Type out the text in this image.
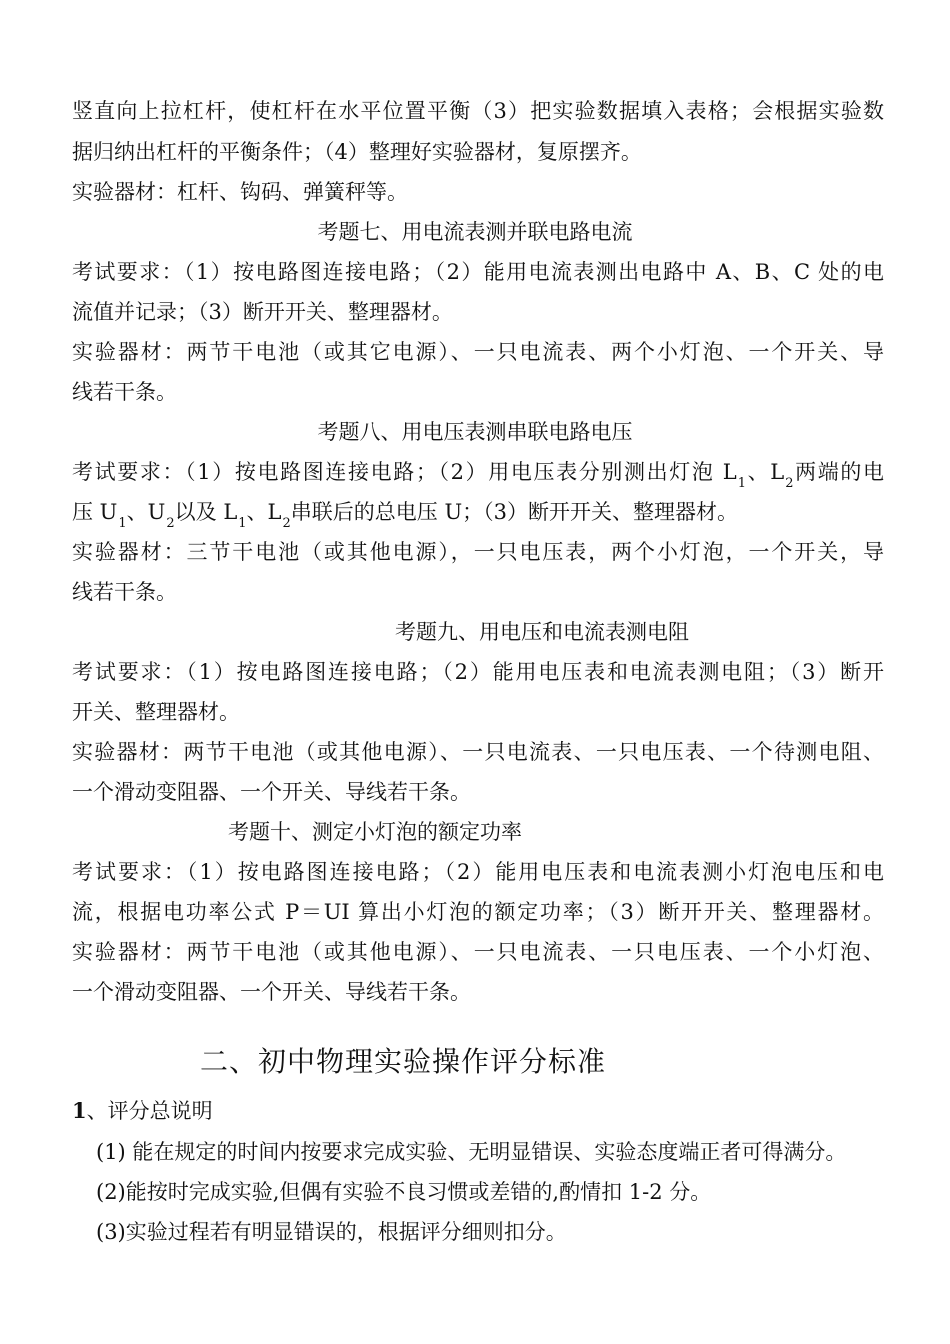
竖直向上拉杠杆，使杠杆在水平位置平衡（3）把实验数据填入表格；会根据实验数
据归纳出杠杆的平衡条件；（4）整理好实验器材，复原摆齐。
实验器材：杠杆、钩码、弹簧秤等。
考题七、用电流表测并联电路电流
考试要求：（1）按电路图连接电路；（2）能用电流表测出电路中 A、B、C 处的电
流值并记录；（3）断开开关、整理器材。
实验器材：两节干电池（或其它电源）、一只电流表、两个小灯泡、一个开关、导
线若干条。
考题八、用电压表测串联电路电压
考试要求：（1）按电路图连接电路；（2）用电压表分别测出灯泡 $L_1$、$L_2$两端的电
压 $U_1$、$U_2$以及 $L_1$、$L_2$串联后的总电压 U；（3）断开开关、整理器材。
实验器材：三节干电池（或其他电源），一只电压表，两个小灯泡，一个开关，导
线若干条。
考题九、用电压和电流表测电阻
考试要求：（1）按电路图连接电路；（2）能用电压表和电流表测电阻；（3）断开
开关、整理器材。
实验器材：两节干电池（或其他电源）、一只电流表、一只电压表、一个待测电阻、
一个滑动变阻器、一个开关、导线若干条。
考题十、测定小灯泡的额定功率
考试要求：（1）按电路图连接电路；（2）能用电压表和电流表测小灯泡电压和电
流，根据电功率公式 P＝UI 算出小灯泡的额定功率；（3）断开开关、整理器材。
实验器材：两节干电池（或其他电源）、一只电流表、一只电压表、一个小灯泡、
一个滑动变阻器、一个开关、导线若干条。
二、初中物理实验操作评分标准
1、评分总说明
(1) 能在规定的时间内按要求完成实验、无明显错误、实验态度端正者可得满分。
(2)能按时完成实验,但偶有实验不良习惯或差错的,酌情扣 1-2 分。
(3)实验过程若有明显错误的，根据评分细则扣分。
